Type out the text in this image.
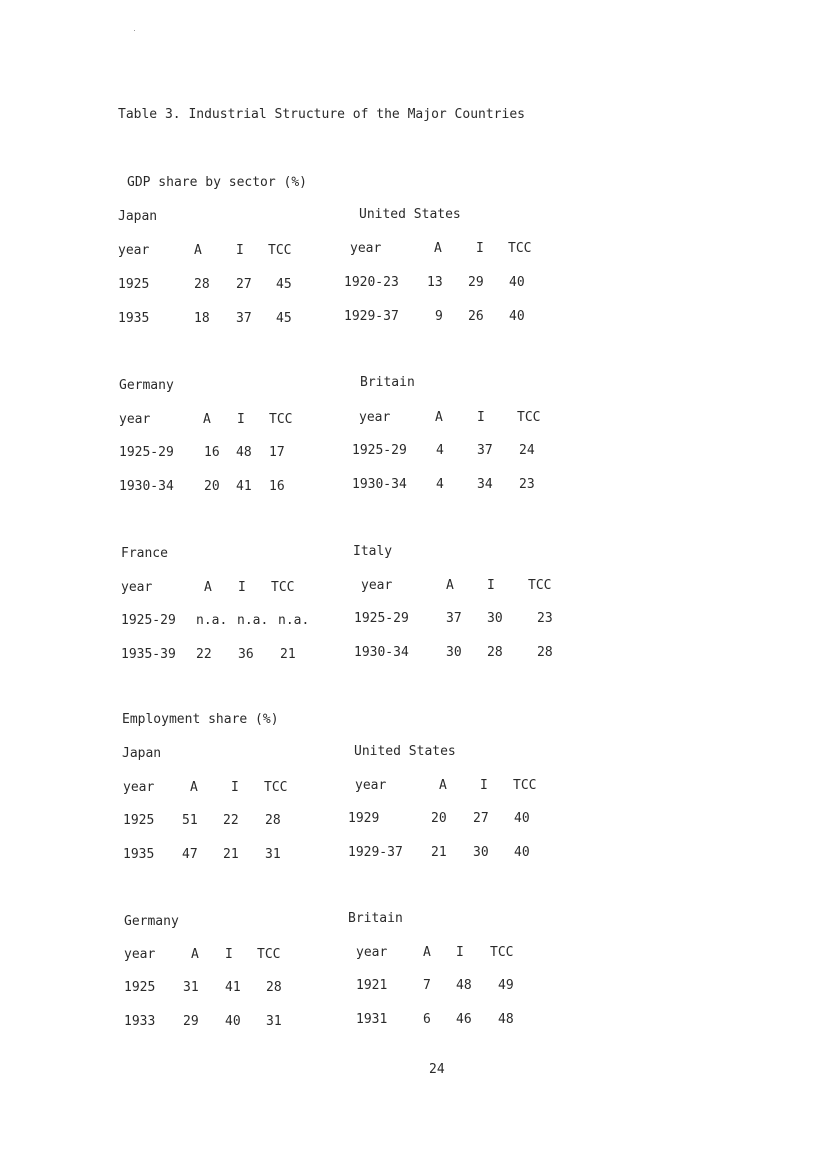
Table 3. Industrial Structure of the Major Countries
GDP share by sector (%)
Japan
year	A	I TCC
1925	28 27 45
1935	18 37 45
United States
year	A	I TCC
1920-23 13 29 40
1929-37	9 26 40
Germany
year	A I TCC
1925-29 16 48 17
1930-34 20 41 16
Britain
year	A	I TCC
1925-29 4	37 24
1930-34 4	34 23
France
year	A I TCC
1925-29 n.a. n.a. n.a.
1935-39 22 36 21
Italy
year	A	I	TCC
1925-29	37 30	23
1930-34	30 28	28
Employment share (%)
Japan
year	A	I TCC
1925 51 22 28
1935 47 21 31
United States
year	A	I TCC
1929	20 27 40
1929-37 21 30 40
Germany
year	A I TCC
1925 31 41 28
1933 29 40 31
Britain
year	A I TCC
1921	7 48 49
1931	6 46 48
24
